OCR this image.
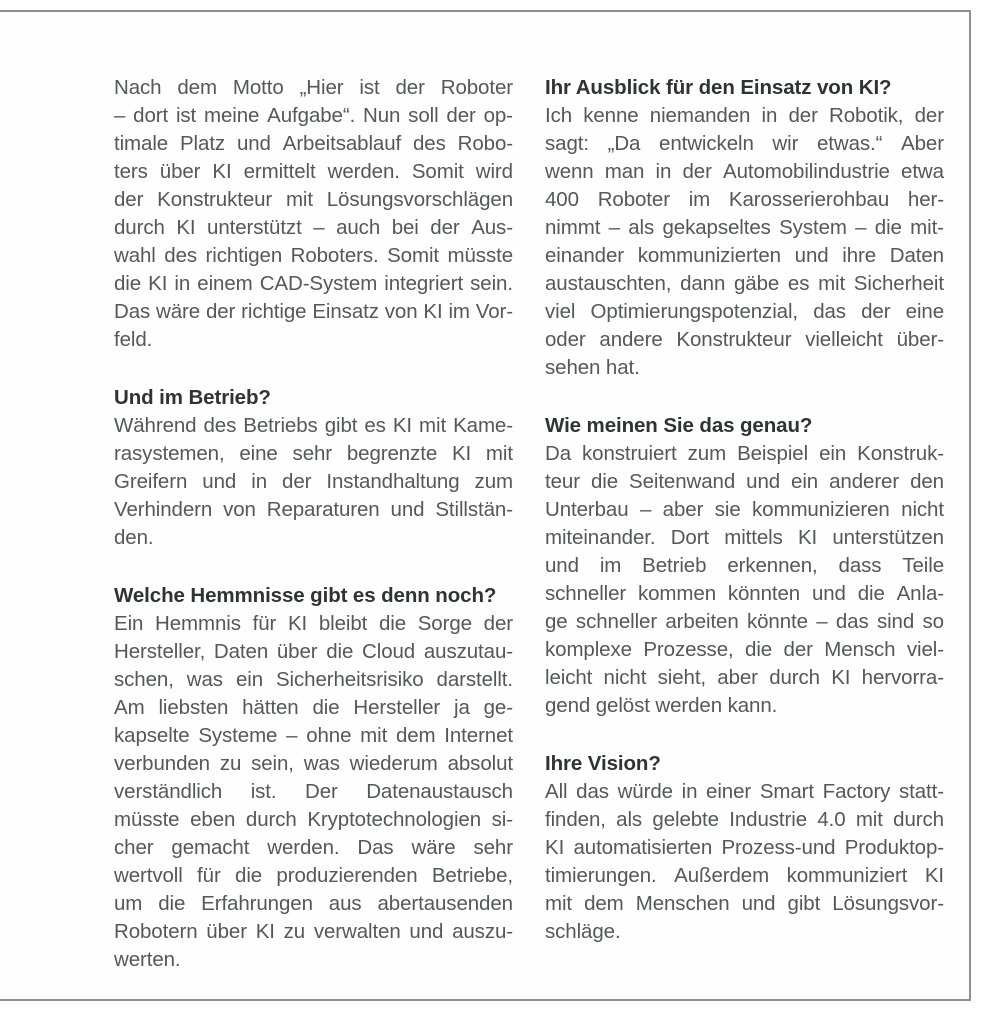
Nach dem Motto „Hier ist der Roboter
– dort ist meine Aufgabe“. Nun soll der op-
timale Platz und Arbeitsablauf des Robo-
ters über KI ermittelt werden. Somit wird
der Konstrukteur mit Lösungsvorschlägen
durch KI unterstützt – auch bei der Aus-
wahl des richtigen Roboters. Somit müsste
die KI in einem CAD-System integriert sein.
Das wäre der richtige Einsatz von KI im Vor-
feld.
Und im Betrieb?
Während des Betriebs gibt es KI mit Kame-
rasystemen, eine sehr begrenzte KI mit
Greifern und in der Instandhaltung zum
Verhindern von Reparaturen und Stillstän-
den.
Welche Hemmnisse gibt es denn noch?
Ein Hemmnis für KI bleibt die Sorge der
Hersteller, Daten über die Cloud auszutau-
schen, was ein Sicherheitsrisiko darstellt.
Am liebsten hätten die Hersteller ja ge-
kapselte Systeme – ohne mit dem Internet
verbunden zu sein, was wiederum absolut
verständlich ist. Der Datenaustausch
müsste eben durch Kryptotechnologien si-
cher gemacht werden. Das wäre sehr
wertvoll für die produzierenden Betriebe,
um die Erfahrungen aus abertausenden
Robotern über KI zu verwalten und auszu-
werten.
Ihr Ausblick für den Einsatz von KI?
Ich kenne niemanden in der Robotik, der
sagt: „Da entwickeln wir etwas.“ Aber
wenn man in der Automobilindustrie etwa
400 Roboter im Karosserierohbau her-
nimmt – als gekapseltes System – die mit-
einander kommunizierten und ihre Daten
austauschten, dann gäbe es mit Sicherheit
viel Optimierungspotenzial, das der eine
oder andere Konstrukteur vielleicht über-
sehen hat.
Wie meinen Sie das genau?
Da konstruiert zum Beispiel ein Konstruk-
teur die Seitenwand und ein anderer den
Unterbau – aber sie kommunizieren nicht
miteinander. Dort mittels KI unterstützen
und im Betrieb erkennen, dass Teile
schneller kommen könnten und die Anla-
ge schneller arbeiten könnte – das sind so
komplexe Prozesse, die der Mensch viel-
leicht nicht sieht, aber durch KI hervorra-
gend gelöst werden kann.
Ihre Vision?
All das würde in einer Smart Factory statt-
finden, als gelebte Industrie 4.0 mit durch
KI automatisierten Prozess-und Produktop-
timierungen. Außerdem kommuniziert KI
mit dem Menschen und gibt Lösungsvor-
schläge.
